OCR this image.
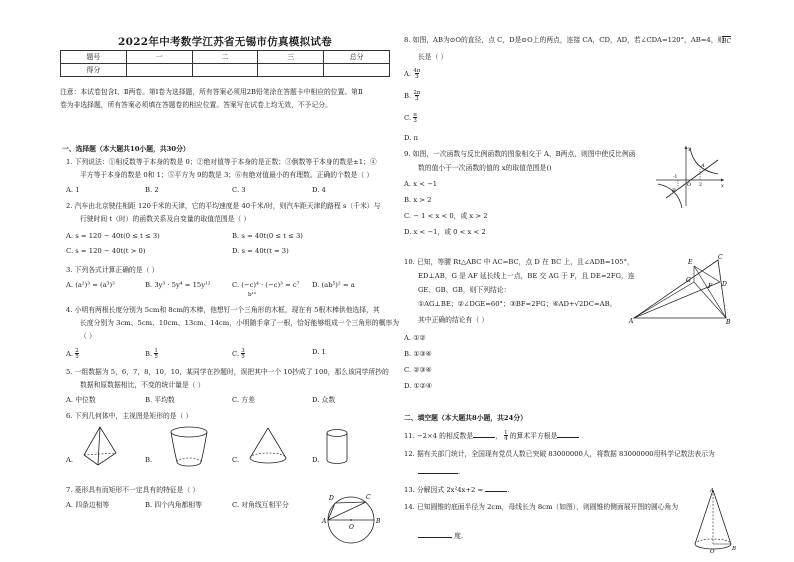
2022年中考数学江苏省无锡市仿真模拟试卷
题号	一	二	三	总分
得分				
注意：本试卷包含Ⅰ、Ⅱ两卷。第Ⅰ卷为选择题，所有答案必须用2B铅笔涂在答题卡中相应的位置。第Ⅱ
卷为非选择题，所有答案必须填在答题卷的相应位置。答案写在试卷上均无效，不予记分。
一、选择题（本大题共10小题，共30分）
1. 下列说法：①相反数等于本身的数是 0；②绝对值等于本身的是正数；③倒数等于本身的数是±1；④
平方等于本身的数是 0和 1；⑤平方为 9的数是 3；⑥有绝对值最小的有理数。正确的个数是（ ）
A. 1	B. 2	C. 3	D. 4
2. 汽车由北京驶往相距 120千米的天津，它的平均速度是 40千米/时，则汽车距天津的路程 s（千米）与
行驶时间 t（时）的函数关系及自变量的取值范围是（ ）
A. s = 120 − 40t(0 ≤ t ≤ 3)	B. s = 40t(0 ≤ t ≤ 3)
C. s = 120 − 40t(t > 0)	D. s = 40t(t = 3)
3. 下列各式计算正确的是（ ）
A. (a²)³ = (a³)²	B. 3y³ · 5y⁴ = 15y¹²	C. (−c)⁴ · (−c)³ = c⁷ D. (ab⁵)² = a
b¹⁰
4. 小明有两根长度分别为 5cm和 8cm的木棒，他想钉一个三角形的木框，现在有 5根木棒供他选择，其
长度分别为 3cm、5cm、10cm、13cm、14cm，小明随手拿了一根，恰好能够组成一个三角形的概率为
（ ）
A. $\frac{2}{5}$	B. $\frac{1}{5}$	C. $\frac{3}{5}$	D. 1
5. 一组数据为 5，6，7，8，10，10，某同学在抄题时，误把其中一个 10抄成了 100，那么该同学所抄的
数据和原数据相比，不变的统计量是（ ）
A. 中位数	B. 平均数	C. 方差	D. 众数
6. 下列几何体中，主视图是矩形的是（ ）
A.	B.	C.	D.
7. 菱形具有而矩形不一定具有的特征是（ ）
A. 四条边相等	B. 四个内角都相等	C. 对角线互相平分
D	C
A	B
O
8. 如图，AB为⊙O的直径，点 C，D是⊙O上的两点，连接 CA，CD，AD，若∠CDA=120°，AB=4，则
BC
长是（ ）
A. $\frac{4\pi}{3}$
B. $\frac{2\pi}{3}$
C. $\frac{\pi}{3}$
D. π
9. 如图，一次函数与反比例函数的图象相交于 A、B两点，则图中使反比例函
数的值小于一次函数的值的 x的取值范围是()
A. x < −1
B. x > 2
C. − 1 < x < 0，或 x > 2
D. x < −1，或 0 < x < 2
y
x
O
A
B
2
-1
10. 已知，等腰 Rt△ABC 中 AC=BC，点 D 在 BC 上，且∠ADB=105°，
ED⊥AB，G 是 AF 延长线上一点，BE 交 AG 于 F，且 DE=2FG，连
GE、GB、GB，则下列结论：
①AG⊥BE；②∠DGE=60°；③BF=2FG；④AD+√2DC=AB。
其中正确的结论有（ ）
A. ①②
B. ①③④
C. ②③④
D. ①②④
A	B
C
D
E
G
F
二、填空题（本大题共8小题，共24分）
11. −2×4 的相反数是	， $\frac{1}{4}$ 的算术平方根是
12. 据有关部门统计，全国现有党员人数已突破 83000000人，将数据 83000000用科学记数法表示为
.
13. 分解因式 2x²4x+2 =	.
14. 已知圆锥的底面半径为 2cm，母线长为 8cm（如图），则圆锥的侧面展开图的圆心角为
度.
A
O	B
